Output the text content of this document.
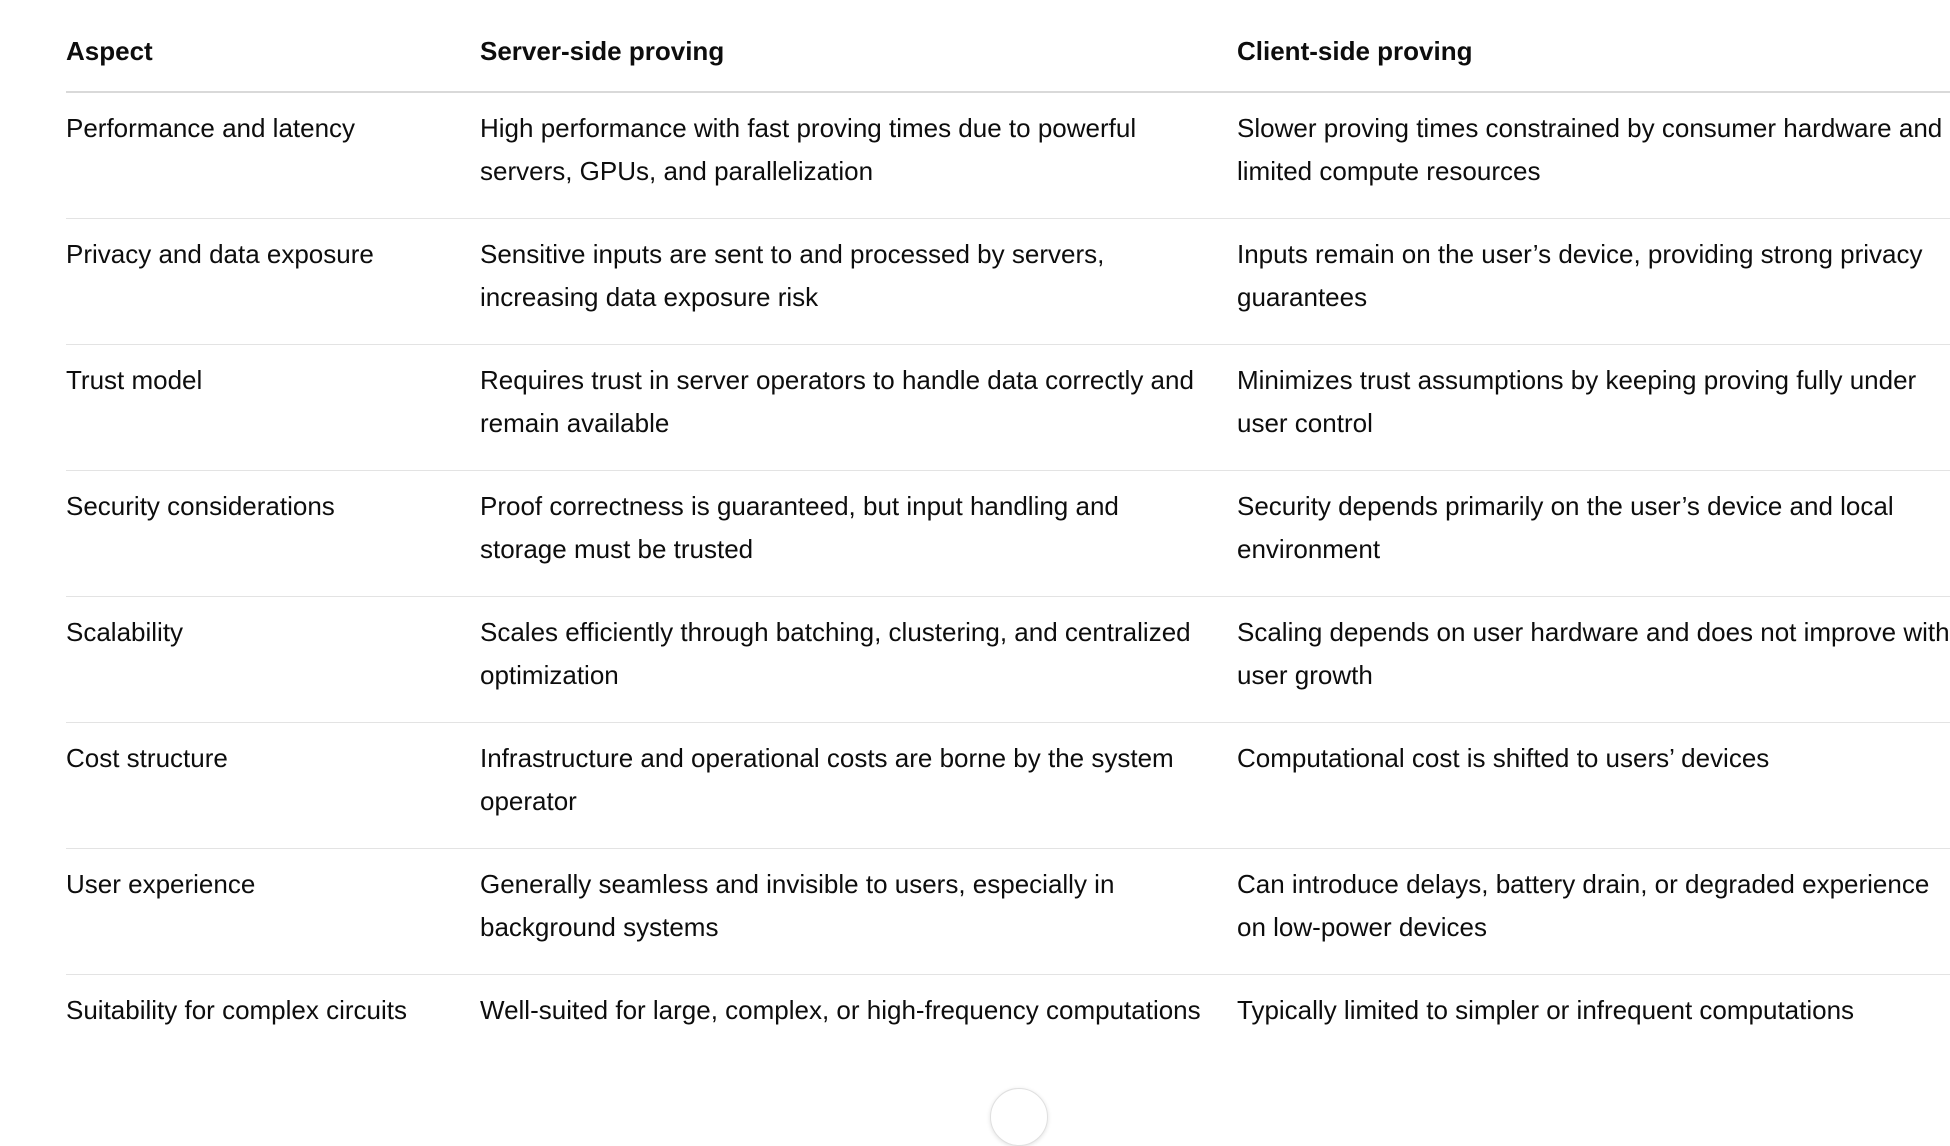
Aspect	Server-side proving	Client-side proving
Performance and latency	High performance with fast proving times due to powerful servers, GPUs, and parallelization	Slower proving times constrained by consumer hardware and limited compute resources
Privacy and data exposure	Sensitive inputs are sent to and processed by servers, increasing data exposure risk	Inputs remain on the user’s device, providing strong privacy guarantees
Trust model	Requires trust in server operators to handle data correctly and remain available	Minimizes trust assumptions by keeping proving fully under user control
Security considerations	Proof correctness is guaranteed, but input handling and storage must be trusted	Security depends primarily on the user’s device and local environment
Scalability	Scales efficiently through batching, clustering, and centralized optimization	Scaling depends on user hardware and does not improve with user growth
Cost structure	Infrastructure and operational costs are borne by the system operator	Computational cost is shifted to users’ devices
User experience	Generally seamless and invisible to users, especially in background systems	Can introduce delays, battery drain, or degraded experience on low-power devices
Suitability for complex circuits	Well-suited for large, complex, or high-frequency computations	Typically limited to simpler or infrequent computations
